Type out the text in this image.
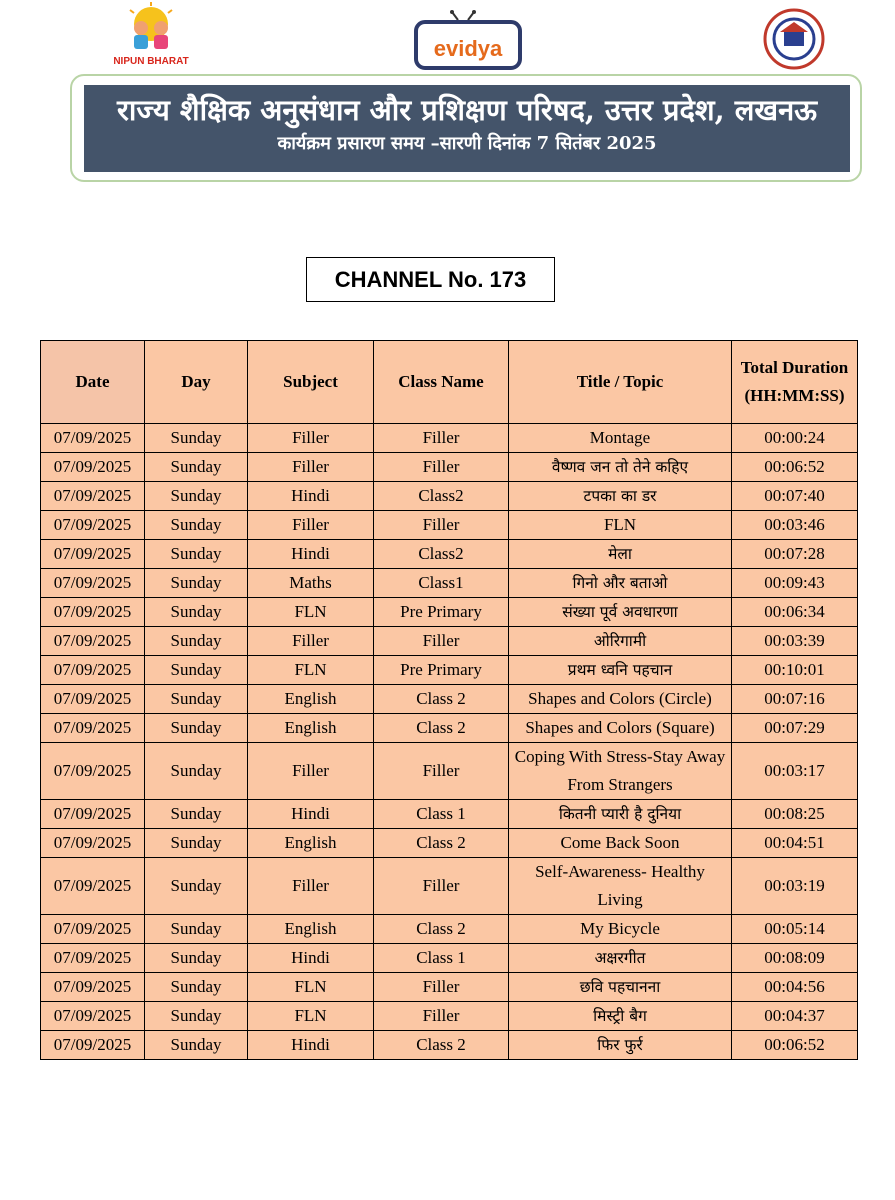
NIPUN BHARAT
evidya
राज्य शैक्षिक अनुसंधान और प्रशिक्षण परिषद, उत्तर प्रदेश, लखनऊ
कार्यक्रम प्रसारण समय –सारणी दिनांक 7 सितंबर 2025
CHANNEL No. 173
Date	Day	Subject	Class Name	Title / Topic	Total Duration (HH:MM:SS)
07/09/2025	Sunday	Filler	Filler	Montage	00:00:24
07/09/2025	Sunday	Filler	Filler	वैष्णव जन तो तेने कहिए	00:06:52
07/09/2025	Sunday	Hindi	Class2	टपका का डर	00:07:40
07/09/2025	Sunday	Filler	Filler	FLN	00:03:46
07/09/2025	Sunday	Hindi	Class2	मेला	00:07:28
07/09/2025	Sunday	Maths	Class1	गिनो और बताओ	00:09:43
07/09/2025	Sunday	FLN	Pre Primary	संख्या पूर्व अवधारणा	00:06:34
07/09/2025	Sunday	Filler	Filler	ओरिगामी	00:03:39
07/09/2025	Sunday	FLN	Pre Primary	प्रथम ध्वनि पहचान	00:10:01
07/09/2025	Sunday	English	Class 2	Shapes and Colors (Circle)	00:07:16
07/09/2025	Sunday	English	Class 2	Shapes and Colors (Square)	00:07:29
07/09/2025	Sunday	Filler	Filler	Coping With Stress-Stay Away From Strangers	00:03:17
07/09/2025	Sunday	Hindi	Class 1	कितनी प्यारी है दुनिया	00:08:25
07/09/2025	Sunday	English	Class 2	Come Back Soon	00:04:51
07/09/2025	Sunday	Filler	Filler	Self-Awareness- Healthy Living	00:03:19
07/09/2025	Sunday	English	Class 2	My Bicycle	00:05:14
07/09/2025	Sunday	Hindi	Class 1	अक्षरगीत	00:08:09
07/09/2025	Sunday	FLN	Filler	छवि पहचानना	00:04:56
07/09/2025	Sunday	FLN	Filler	मिस्ट्री बैग	00:04:37
07/09/2025	Sunday	Hindi	Class 2	फिर फुर्र	00:06:52
